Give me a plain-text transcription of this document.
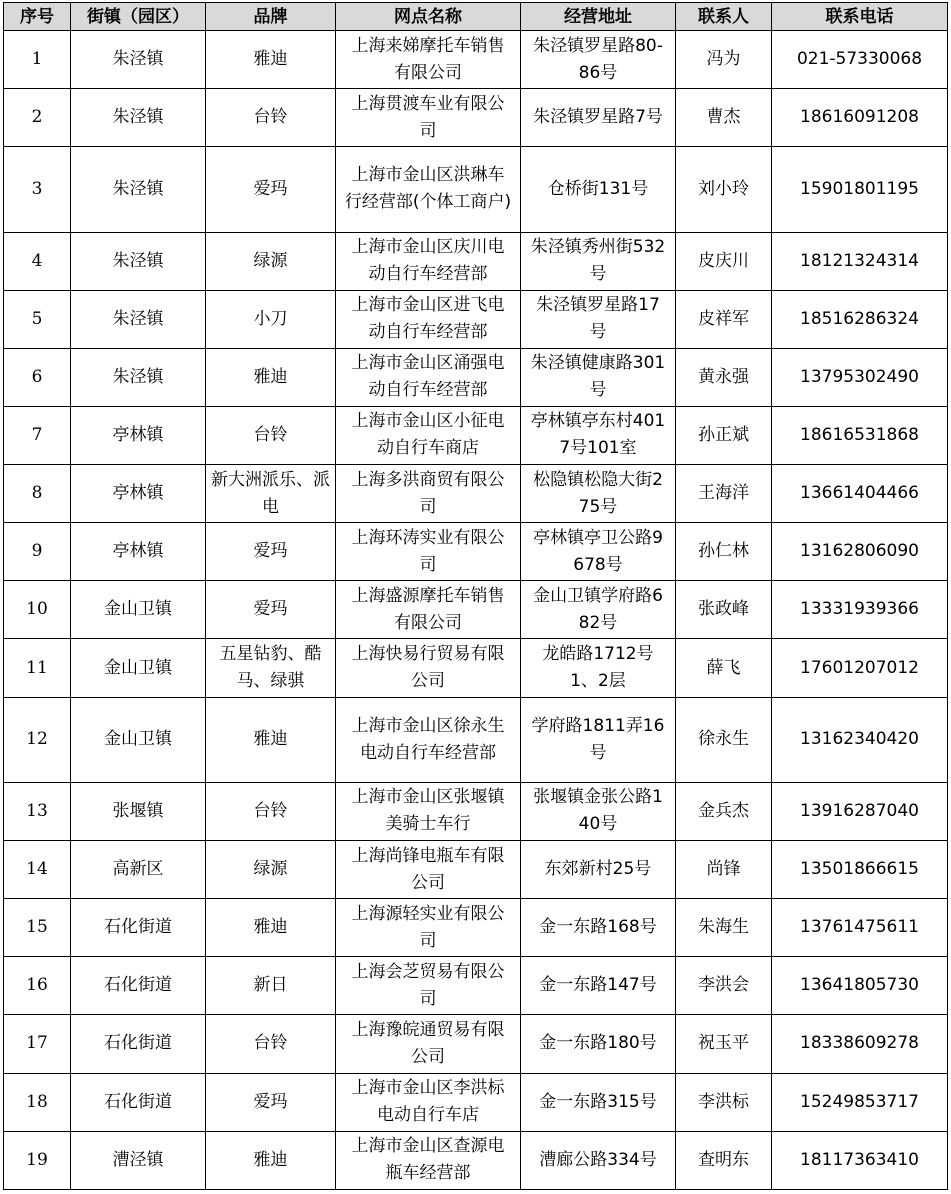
序号	街镇（园区）	品牌	网点名称	经营地址	联系人	联系电话
1	朱泾镇	雅迪	上海来娣摩托车销售有限公司	朱泾镇罗星路80-86号	冯为	021-57330068
2	朱泾镇	台铃	上海贯渡车业有限公司	朱泾镇罗星路7号	曹杰	18616091208
3	朱泾镇	爱玛	上海市金山区洪琳车行经营部(个体工商户)	仓桥街131号	刘小玲	15901801195
4	朱泾镇	绿源	上海市金山区庆川电动自行车经营部	朱泾镇秀州街532号	皮庆川	18121324314
5	朱泾镇	小刀	上海市金山区进飞电动自行车经营部	朱泾镇罗星路17号	皮祥军	18516286324
6	朱泾镇	雅迪	上海市金山区涌强电动自行车经营部	朱泾镇健康路301号	黄永强	13795302490
7	亭林镇	台铃	上海市金山区小征电动自行车商店	亭林镇亭东村4017号101室	孙正斌	18616531868
8	亭林镇	新大洲派乐、派电	上海多洪商贸有限公司	松隐镇松隐大街275号	王海洋	13661404466
9	亭林镇	爱玛	上海环涛实业有限公司	亭林镇亭卫公路9678号	孙仁林	13162806090
10	金山卫镇	爱玛	上海盛源摩托车销售有限公司	金山卫镇学府路682号	张政峰	13331939366
11	金山卫镇	五星钻豹、酷马、绿骐	上海快易行贸易有限公司	龙皓路1712号1、2层	薛飞	17601207012
12	金山卫镇	雅迪	上海市金山区徐永生电动自行车经营部	学府路1811弄16号	徐永生	13162340420
13	张堰镇	台铃	上海市金山区张堰镇美骑士车行	张堰镇金张公路140号	金兵杰	13916287040
14	高新区	绿源	上海尚锋电瓶车有限公司	东郊新村25号	尚锋	13501866615
15	石化街道	雅迪	上海源轻实业有限公司	金一东路168号	朱海生	13761475611
16	石化街道	新日	上海会芝贸易有限公司	金一东路147号	李洪会	13641805730
17	石化街道	台铃	上海豫皖通贸易有限公司	金一东路180号	祝玉平	18338609278
18	石化街道	爱玛	上海市金山区李洪标电动自行车店	金一东路315号	李洪标	15249853717
19	漕泾镇	雅迪	上海市金山区查源电瓶车经营部	漕廊公路334号	查明东	18117363410
